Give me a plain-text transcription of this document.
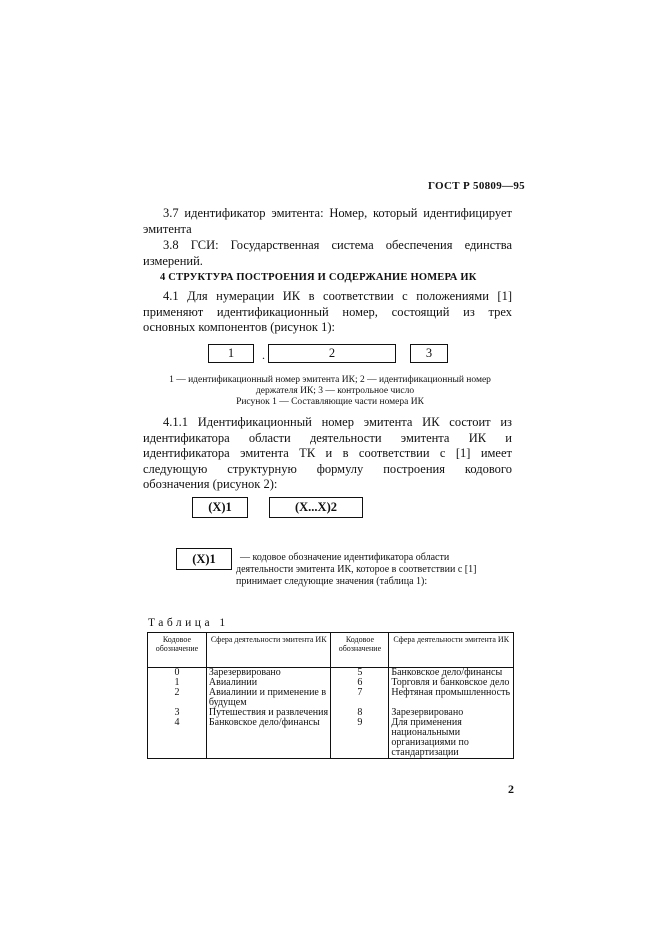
ГОСТ Р 50809—95
3.7 идентификатор эмитента: Номер, который идентифицирует эмитента
3.8 ГСИ: Государственная система обеспечения единства измерений.
4 СТРУКТУРА ПОСТРОЕНИЯ И СОДЕРЖАНИЕ НОМЕРА ИК
4.1 Для нумерации ИК в соответствии с положениями [1] применяют идентификационный номер, состоящий из трех основных компонентов (рисунок 1):
1	.	2	3
1 — идентификационный номер эмитента ИК; 2 — идентификационный номер
держателя ИК; 3 — контрольное число
Рисунок 1 — Составляющие части номера ИК
4.1.1 Идентификационный номер эмитента ИК состоит из идентификатора области деятельности эмитента ИК и идентификатора эмитента ТК и в соответствии с [1] имеет следующую структурную формулу построения кодового обозначения (рисунок 2):
(X)1	(X...X)2
(X)1	— кодовое обозначение идентификатора области
деятельности эмитента ИК, которое в соответствии с [1]
принимает следующие значения (таблица 1):
Таблица 1
Кодовое обозначение	Сфера деятельности эмитента ИК	Кодовое обозначение	Сфера деятельности эмитента ИК
0	Зарезервировано	5	Банковское дело/финансы
1	Авиалинии	6	Торговля и банковское дело
2	Авиалинии и применение в будущем	7	Нефтяная промышленность
3	Путешествия и развлечения	8	Зарезервировано
4	Банковское дело/финансы	9	Для применения национальными организациями по стандартизации
2
